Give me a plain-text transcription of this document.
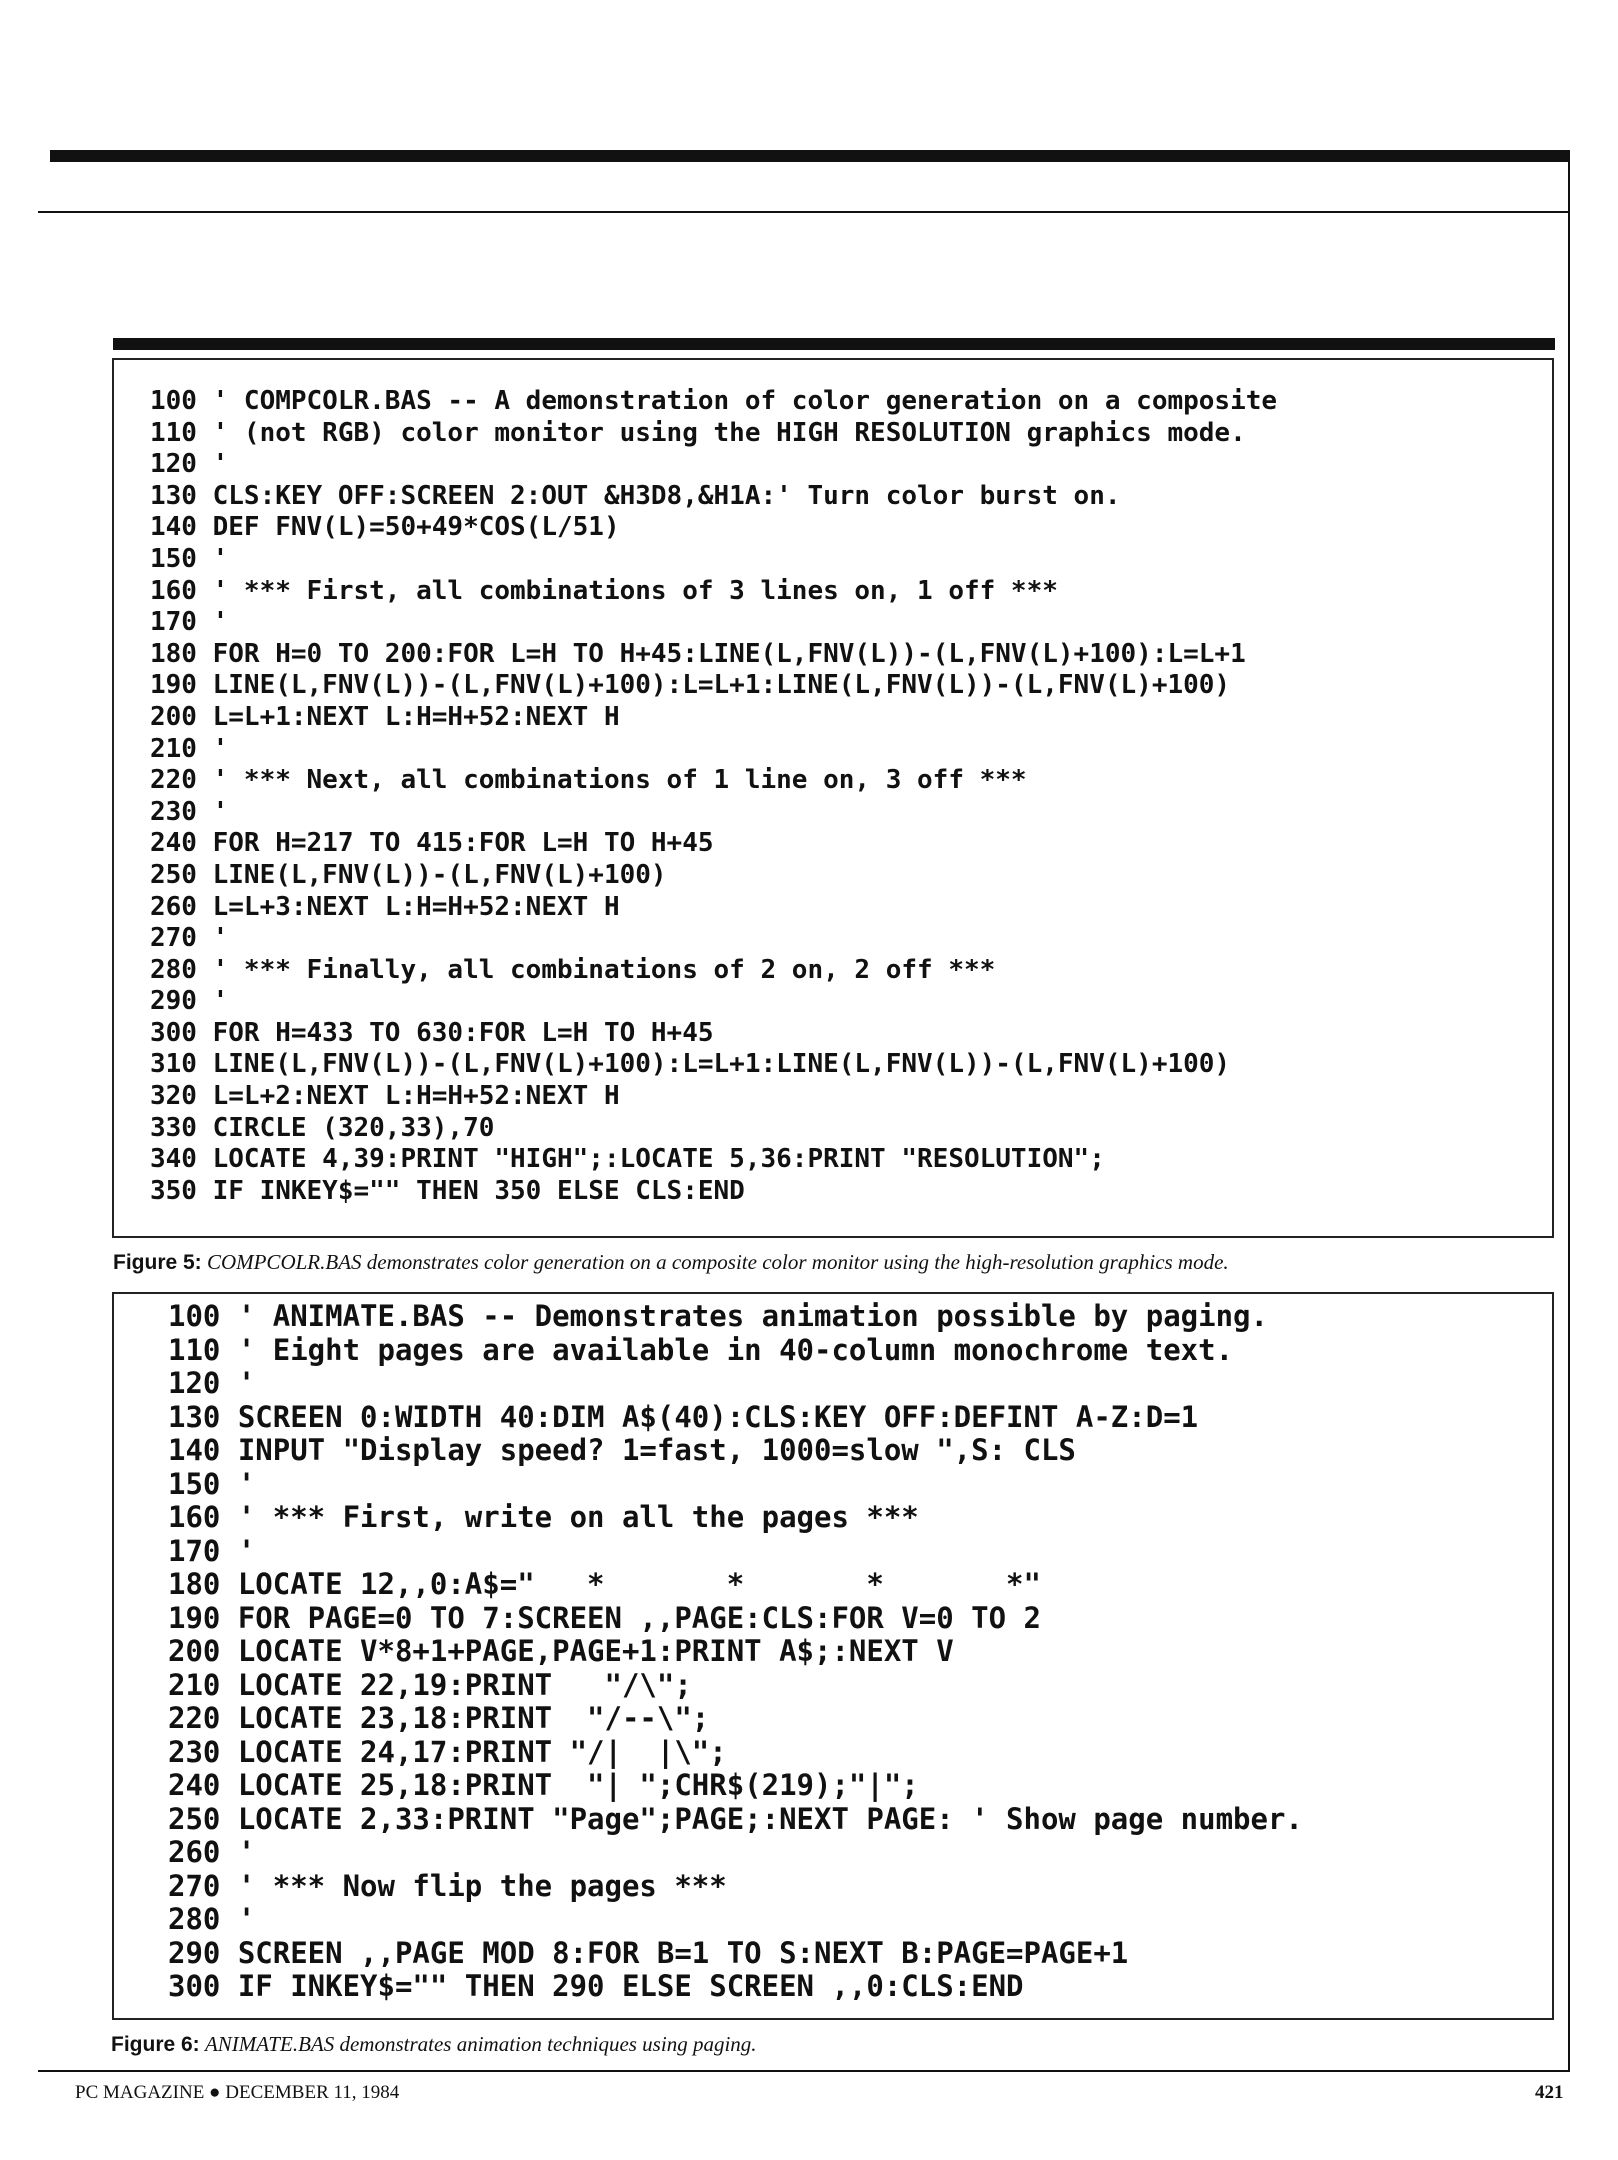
100 ' COMPCOLR.BAS -- A demonstration of color generation on a composite
110 ' (not RGB) color monitor using the HIGH RESOLUTION graphics mode.
120 '
130 CLS:KEY OFF:SCREEN 2:OUT &H3D8,&H1A:' Turn color burst on.
140 DEF FNV(L)=50+49*COS(L/51)
150 '
160 ' *** First, all combinations of 3 lines on, 1 off ***
170 '
180 FOR H=0 TO 200:FOR L=H TO H+45:LINE(L,FNV(L))-(L,FNV(L)+100):L=L+1
190 LINE(L,FNV(L))-(L,FNV(L)+100):L=L+1:LINE(L,FNV(L))-(L,FNV(L)+100)
200 L=L+1:NEXT L:H=H+52:NEXT H
210 '
220 ' *** Next, all combinations of 1 line on, 3 off ***
230 '
240 FOR H=217 TO 415:FOR L=H TO H+45
250 LINE(L,FNV(L))-(L,FNV(L)+100)
260 L=L+3:NEXT L:H=H+52:NEXT H
270 '
280 ' *** Finally, all combinations of 2 on, 2 off ***
290 '
300 FOR H=433 TO 630:FOR L=H TO H+45
310 LINE(L,FNV(L))-(L,FNV(L)+100):L=L+1:LINE(L,FNV(L))-(L,FNV(L)+100)
320 L=L+2:NEXT L:H=H+52:NEXT H
330 CIRCLE (320,33),70
340 LOCATE 4,39:PRINT "HIGH";:LOCATE 5,36:PRINT "RESOLUTION";
350 IF INKEY$="" THEN 350 ELSE CLS:END
Figure 5: COMPCOLR.BAS demonstrates color generation on a composite color monitor using the high-resolution graphics mode.
100 ' ANIMATE.BAS -- Demonstrates animation possible by paging.
110 ' Eight pages are available in 40-column monochrome text.
120 '
130 SCREEN 0:WIDTH 40:DIM A$(40):CLS:KEY OFF:DEFINT A-Z:D=1
140 INPUT "Display speed? 1=fast, 1000=slow ",S: CLS
150 '
160 ' *** First, write on all the pages ***
170 '
180 LOCATE 12,,0:A$="   *       *       *       *"
190 FOR PAGE=0 TO 7:SCREEN ,,PAGE:CLS:FOR V=0 TO 2
200 LOCATE V*8+1+PAGE,PAGE+1:PRINT A$;:NEXT V
210 LOCATE 22,19:PRINT   "/\";
220 LOCATE 23,18:PRINT  "/--\";
230 LOCATE 24,17:PRINT "/|  |\";
240 LOCATE 25,18:PRINT  "| ";CHR$(219);"|";
250 LOCATE 2,33:PRINT "Page";PAGE;:NEXT PAGE: ' Show page number.
260 '
270 ' *** Now flip the pages ***
280 '
290 SCREEN ,,PAGE MOD 8:FOR B=1 TO S:NEXT B:PAGE=PAGE+1
300 IF INKEY$="" THEN 290 ELSE SCREEN ,,0:CLS:END
Figure 6: ANIMATE.BAS demonstrates animation techniques using paging.
PC MAGAZINE ● DECEMBER 11, 1984	421
